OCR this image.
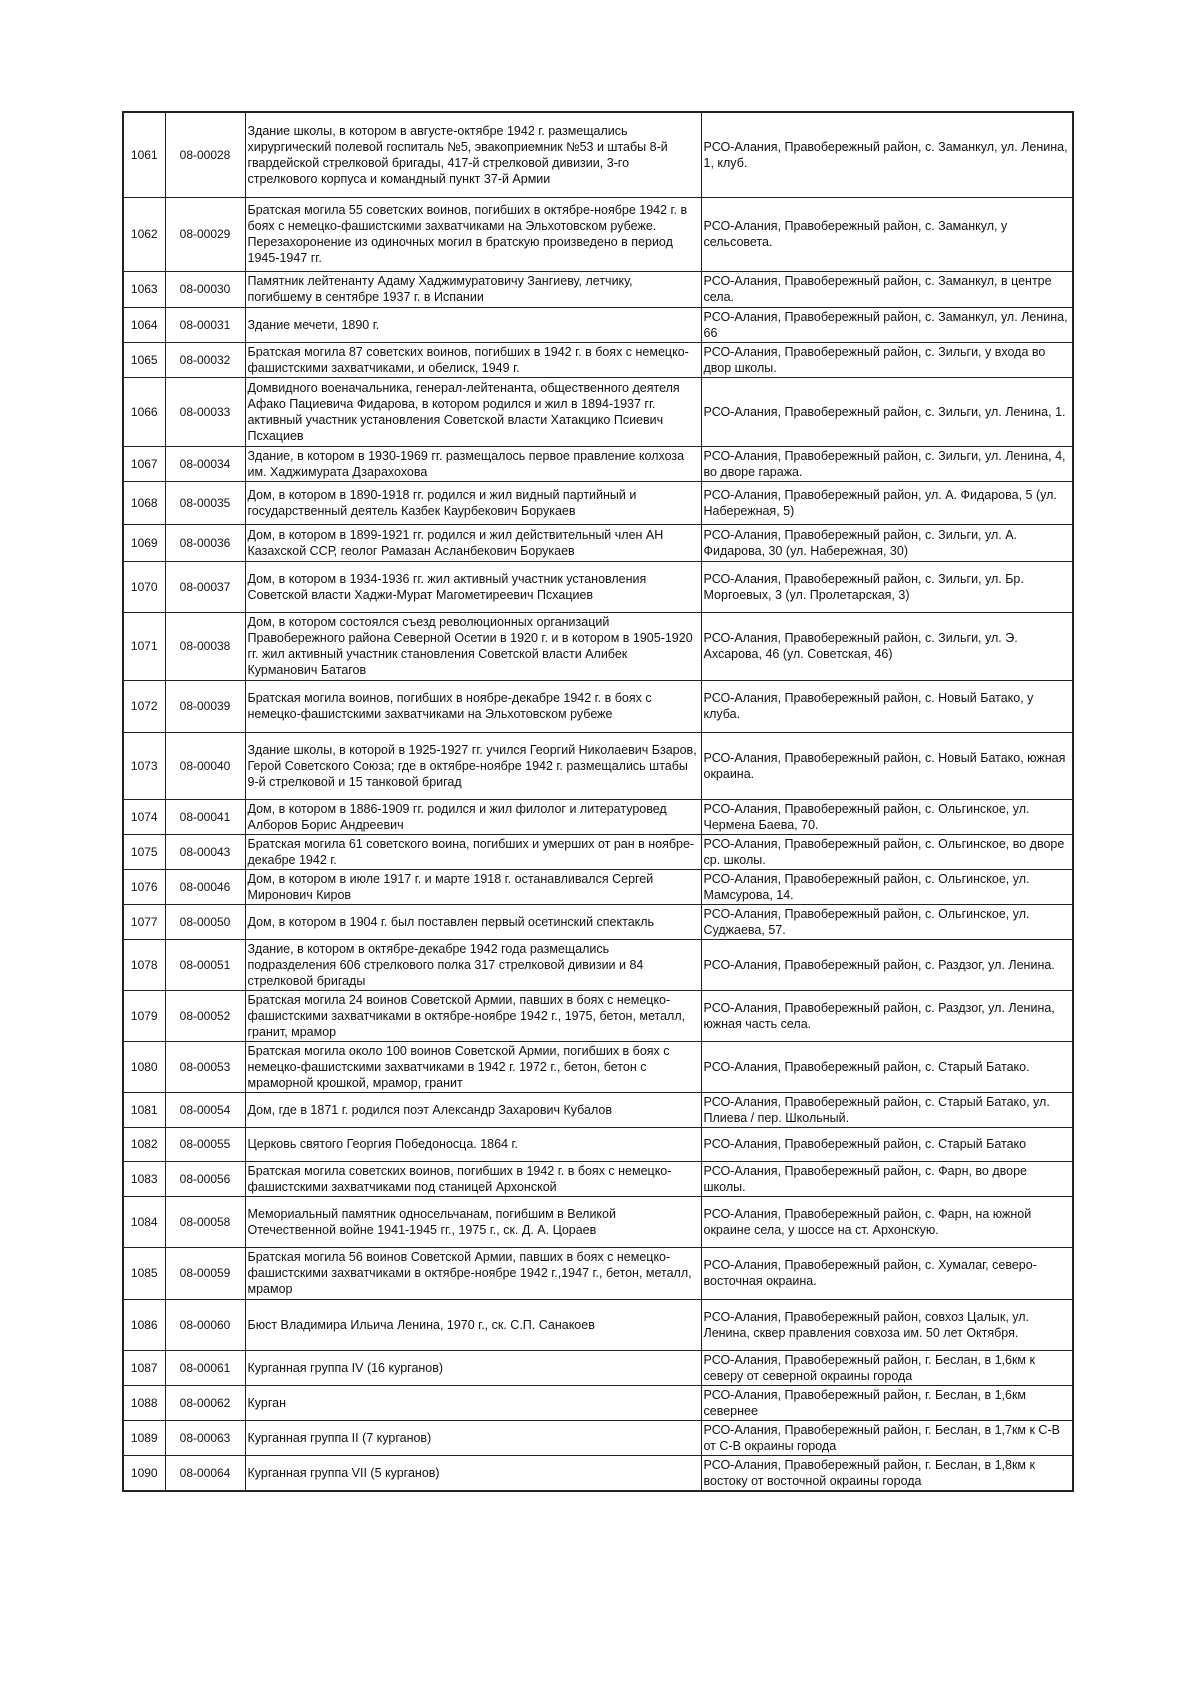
1061	08-00028	Здание школы, в котором в августе-октябре 1942 г. размещались хирургический полевой госпиталь №5, эвакоприемник №53 и штабы 8-й гвардейской стрелковой бригады, 417-й стрелковой дивизии, 3-го стрелкового корпуса и командный пункт 37-й Армии	РСО-Алания, Правобережный район, с. Заманкул, ул. Ленина, 1, клуб.
1062	08-00029	Братская могила 55 советских воинов, погибших в октябре-ноябре 1942 г. в боях с немецко-фашистскими захватчиками на Эльхотовском рубеже. Перезахоронение из одиночных могил в братскую произведено в период 1945-1947 гг.	РСО-Алания, Правобережный район, с. Заманкул, у сельсовета.
1063	08-00030	Памятник лейтенанту Адаму Хаджимуратовичу Зангиеву, летчику, погибшему в сентябре 1937 г. в Испании	РСО-Алания, Правобережный район, с. Заманкул, в центре села.
1064	08-00031	Здание мечети, 1890 г.	РСО-Алания, Правобережный район, с. Заманкул, ул. Ленина, 66
1065	08-00032	Братская могила 87 советских воинов, погибших в 1942 г. в боях с немецко-фашистскими захватчиками, и обелиск, 1949 г.	РСО-Алания, Правобережный район, с. Зильги, у входа во двор школы.
1066	08-00033	Домвидного военачальника, генерал-лейтенанта, общественного деятеля Афако Пациевича Фидарова, в котором родился и жил в 1894-1937 гг. активный участник установления Советской власти Хатакцико Псиевич Псхациев	РСО-Алания, Правобережный район, с. Зильги, ул. Ленина, 1.
1067	08-00034	Здание, в котором в 1930-1969 гг. размещалось первое правление колхоза им. Хаджимурата Дзарахохова	РСО-Алания, Правобережный район, с. Зильги, ул. Ленина, 4, во дворе гаража.
1068	08-00035	Дом, в котором в 1890-1918 гг. родился и жил видный партийный и государственный деятель Казбек Каурбекович Борукаев	РСО-Алания, Правобережный район, ул. А. Фидарова, 5 (ул. Набережная, 5)
1069	08-00036	Дом, в котором в 1899-1921 гг. родился и жил действительный член АН Казахской ССР, геолог Рамазан Асланбекович Борукаев	РСО-Алания, Правобережный район, с. Зильги, ул. А. Фидарова, 30 (ул. Набережная, 30)
1070	08-00037	Дом, в котором в 1934-1936 гг. жил активный участник установления Советской власти Хаджи-Мурат Магометиреевич Псхациев	РСО-Алания, Правобережный район, с. Зильги, ул. Бр. Моргоевых, 3 (ул. Пролетарская, 3)
1071	08-00038	Дом, в котором состоялся съезд революционных организаций Правобережного района Северной Осетии в 1920 г. и в котором в 1905-1920 гг. жил активный участник становления Советской власти Алибек Курманович Батагов	РСО-Алания, Правобережный район, с. Зильги, ул. Э. Ахсарова, 46 (ул. Советская, 46)
1072	08-00039	Братская могила воинов, погибших в ноябре-декабре 1942 г. в боях с немецко-фашистскими захватчиками на Эльхотовском рубеже	РСО-Алания, Правобережный район, с. Новый Батако, у клуба.
1073	08-00040	Здание школы, в которой в 1925-1927 гг. учился Георгий Николаевич Бзаров, Герой Советского Союза; где в октябре-ноябре 1942 г. размещались штабы 9-й стрелковой и 15 танковой бригад	РСО-Алания, Правобережный район, с. Новый Батако, южная окраина.
1074	08-00041	Дом, в котором в 1886-1909 гг. родился и жил филолог и литературовед Алборов Борис Андреевич	РСО-Алания, Правобережный район, с. Ольгинское, ул. Чермена Баева, 70.
1075	08-00043	Братская могила 61 советского воина, погибших и умерших от ран в ноябре-декабре 1942 г.	РСО-Алания, Правобережный район, с. Ольгинское, во дворе ср. школы.
1076	08-00046	Дом, в котором в июле 1917 г. и марте 1918 г. останавливался Сергей Миронович Киров	РСО-Алания, Правобережный район, с. Ольгинское, ул. Мамсурова, 14.
1077	08-00050	Дом, в котором в 1904 г. был поставлен первый осетинский спектакль	РСО-Алания, Правобережный район, с. Ольгинское, ул. Суджаева, 57.
1078	08-00051	Здание, в котором в октябре-декабре 1942 года размещались подразделения 606 стрелкового полка 317 стрелковой дивизии и 84 стрелковой бригады	РСО-Алания, Правобережный район, с. Раздзог, ул. Ленина.
1079	08-00052	Братская могила 24 воинов Советской Армии, павших в боях с немецко-фашистскими захватчиками в октябре-ноябре 1942 г., 1975, бетон, металл, гранит, мрамор	РСО-Алания, Правобережный район, с. Раздзог, ул. Ленина, южная часть села.
1080	08-00053	Братская могила около 100 воинов Советской Армии, погибших в боях с немецко-фашистскими захватчиками в 1942 г. 1972 г., бетон, бетон с мраморной крошкой, мрамор, гранит	РСО-Алания, Правобережный район, с. Старый Батако.
1081	08-00054	Дом, где в 1871 г. родился поэт Александр Захарович Кубалов	РСО-Алания, Правобережный район, с. Старый Батако, ул. Плиева / пер. Школьный.
1082	08-00055	Церковь святого Георгия Победоносца. 1864 г.	РСО-Алания, Правобережный район, с. Старый Батако
1083	08-00056	Братская могила советских воинов, погибших в 1942 г. в боях с немецко-фашистскими захватчиками под станицей Архонской	РСО-Алания, Правобережный район, с. Фарн, во дворе школы.
1084	08-00058	Мемориальный памятник односельчанам, погибшим в Великой Отечественной войне 1941-1945 гг., 1975 г., ск. Д. А. Цораев	РСО-Алания, Правобережный район, с. Фарн, на южной окраине села, у шоссе на ст. Архонскую.
1085	08-00059	Братская могила 56 воинов Советской Армии, павших в боях с немецко-фашистскими захватчиками в октябре-ноябре 1942 г.,1947 г., бетон, металл, мрамор	РСО-Алания, Правобережный район, с. Хумалаг, северо-восточная окраина.
1086	08-00060	Бюст Владимира Ильича Ленина, 1970 г., ск. С.П. Санакоев	РСО-Алания, Правобережный район, совхоз Цалык, ул. Ленина, сквер правления совхоза им. 50 лет Октября.
1087	08-00061	Курганная группа IV (16 курганов)	РСО-Алания, Правобережный район, г. Беслан, в 1,6км к северу от северной окраины города
1088	08-00062	Курган	РСО-Алания, Правобережный район, г. Беслан, в 1,6км севернее
1089	08-00063	Курганная группа II (7 курганов)	РСО-Алания, Правобережный район, г. Беслан, в 1,7км к С-В от С-В окраины города
1090	08-00064	Курганная группа VII (5 курганов)	РСО-Алания, Правобережный район, г. Беслан, в 1,8км к востоку от восточной окраины города
